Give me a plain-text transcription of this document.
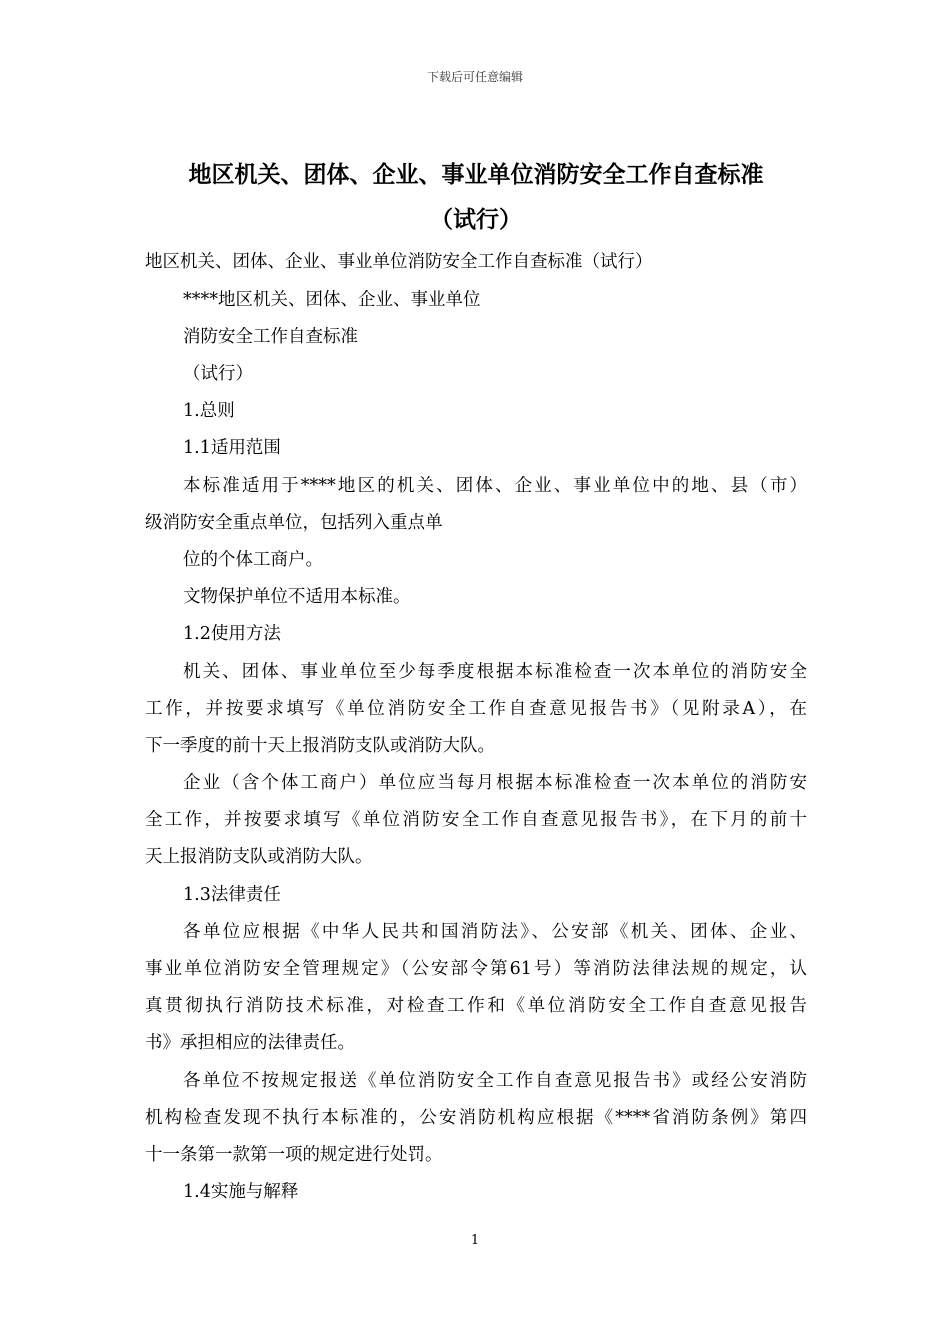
下载后可任意编辑
地区机关、团体、企业、事业单位消防安全工作自查标准
（试行）
地区机关、团体、企业、事业单位消防安全工作自查标准（试行）
****地区机关、团体、企业、事业单位
消防安全工作自查标准
（试行）
1.总则
1.1适用范围
本标准适用于****地区的机关、团体、企业、事业单位中的地、县（市）
级消防安全重点单位，包括列入重点单
位的个体工商户。
文物保护单位不适用本标准。
1.2使用方法
机关、团体、事业单位至少每季度根据本标准检查一次本单位的消防安全
工作，并按要求填写《单位消防安全工作自查意见报告书》（见附录A），在
下一季度的前十天上报消防支队或消防大队。
企业（含个体工商户）单位应当每月根据本标准检查一次本单位的消防安
全工作，并按要求填写《单位消防安全工作自查意见报告书》，在下月的前十
天上报消防支队或消防大队。
1.3法律责任
各单位应根据《中华人民共和国消防法》、公安部《机关、团体、企业、
事业单位消防安全管理规定》（公安部令第61号）等消防法律法规的规定，认
真贯彻执行消防技术标准，对检查工作和《单位消防安全工作自查意见报告
书》承担相应的法律责任。
各单位不按规定报送《单位消防安全工作自查意见报告书》或经公安消防
机构检查发现不执行本标准的，公安消防机构应根据《****省消防条例》第四
十一条第一款第一项的规定进行处罚。
1.4实施与解释
1
